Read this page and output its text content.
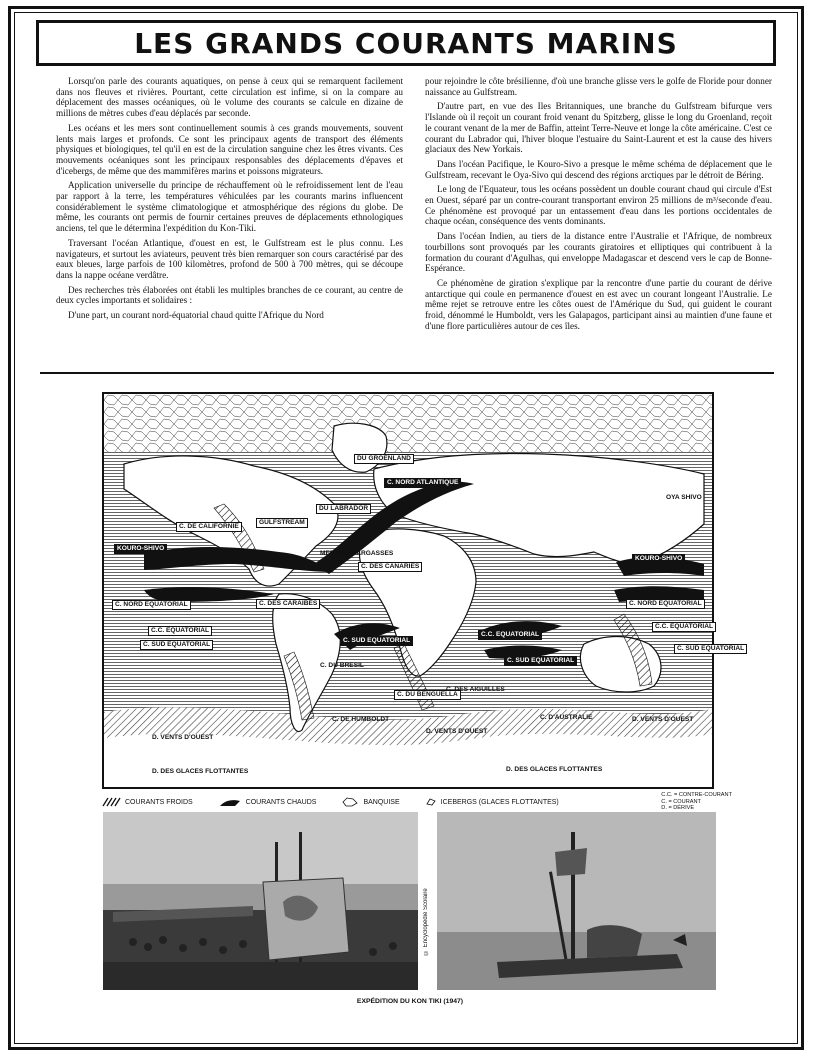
LES GRANDS COURANTS MARINS

Lorsqu'on parle des courants aquatiques, on pense à ceux qui se remarquent facilement dans nos fleuves et rivières. Pourtant, cette circulation est infime, si on la compare au déplacement des masses océaniques, où le volume des courants se calcule en dizaine de millions de mètres cubes d'eau déplacés par seconde.

Les océans et les mers sont continuellement soumis à ces grands mouvements, souvent lents mais larges et profonds. Ce sont les principaux agents de transport des éléments physiques et biologiques, tel qu'il en est de la circulation sanguine chez les êtres vivants. Ces mouvements océaniques sont les principaux responsables des déplacements d'épaves et d'icebergs, de même que des mammifères marins et poissons migrateurs.

Application universelle du principe de réchauffement où le refroidissement lent de l'eau par rapport à la terre, les températures véhiculées par les courants marins influencent considérablement le système climatologique et atmosphérique des régions du globe. De même, les courants ont permis de fournir certaines preuves de déplacements ethnologiques anciens, tel que le détermina l'expédition du Kon-Tiki.

Traversant l'océan Atlantique, d'ouest en est, le Gulfstream est le plus connu. Les navigateurs, et surtout les aviateurs, peuvent très bien remarquer son cours caractérisé par des eaux bleues, large parfois de 100 kilomètres, profond de 500 à 700 mètres, qui se découpe dans la nappe océane verdâtre.

Des recherches très élaborées ont établi les multiples branches de ce courant, au centre de deux cycles importants et solidaires :

D'une part, un courant nord-équatorial chaud quitte l'Afrique du Nord

pour rejoindre le côte brésilienne, d'où une branche glisse vers le golfe de Floride pour donner naissance au Gulfstream.

D'autre part, en vue des Iles Britanniques, une branche du Gulfstream bifurque vers l'Islande où il reçoit un courant froid venant du Spitzberg, glisse le long du Groenland, reçoit le courant venant de la mer de Baffin, atteint Terre-Neuve et longe la côte américaine. C'est ce courant du Labrador qui, l'hiver bloque l'estuaire du Saint-Laurent et est la cause des hivers glaciaux des New Yorkais.

Dans l'océan Pacifique, le Kouro-Sivo a presque le même schéma de déplacement que le Gulfstream, recevant le Oya-Sivo qui descend des régions arctiques par le détroit de Béring.

Le long de l'Equateur, tous les océans possèdent un double courant chaud qui circule d'Est en Ouest, séparé par un contre-courant transportant environ 25 millions de m³/seconde d'eau. Ce phénomène est provoqué par un entassement d'eau dans les portions occidentales de chaque océan, conséquence des vents dominants.

Dans l'océan Indien, au tiers de la distance entre l'Australie et l'Afrique, de nombreux tourbillons sont provoqués par les courants giratoires et elliptiques qui contribuent à la formation du courant d'Agulhas, qui enveloppe Madagascar et descend vers le cap de Bonne-Espérance.

Ce phénomène de giration s'explique par la rencontre d'une partie du courant de dérive antarctique qui coule en permanence d'ouest en est avec un courant longeant l'Australie. Le même rejet se retrouve entre les côtes ouest de l'Amérique du Sud, qui guident le courant froid, dénommé le Humboldt, vers les Galapagos, participant ainsi au maintien d'une faune et d'une flore particulières autour de ces îles.

DU GROENLAND
DU LABRADOR
GULFSTREAM
C. NORD ATLANTIQUE
KOURO-SHIVO
KOURO-SHIVO
OYA SHIVO
C. DE CALIFORNIE
MER DES SARGASSES
C. DES CANARIES
C. DES CARAIBES
C. NORD EQUATORIAL
C.C. EQUATORIAL
C. SUD EQUATORIAL
C. SUD EQUATORIAL
C. DU BRESIL
C. DU BENGUELLA
C. DE HUMBOLDT
C.C. EQUATORIAL
C. SUD EQUATORIAL
C. DES AIGUILLES
C. NORD EQUATORIAL
C.C. EQUATORIAL
C. SUD EQUATORIAL
C. D'AUSTRALIE
D. VENTS D'OUEST
D. VENTS D'OUEST
D. VENTS D'OUEST
D. DES GLACES FLOTTANTES	D. DES GLACES FLOTTANTES
COURANTS FROIDS	COURANTS CHAUDS	BANQUISE	ICEBERGS (GLACES FLOTTANTES)
C.C. = CONTRE-COURANT
C. = COURANT
D. = DÉRIVE
© Encyclopédie Scolaire
EXPÉDITION DU KON TIKI (1947)
